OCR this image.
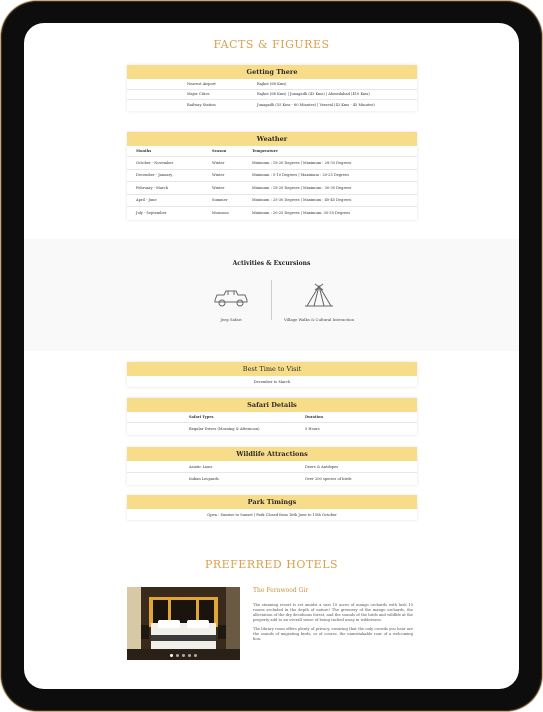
FACTS & FIGURES
Getting There
Nearest Airport	Rajkot (68 Kms)
Major Cities	Rajkot (68 Kms) | Junagadh (43 Kms) | Ahmedabad (410 Kms)
Railway Station	Junagadh (55 Kms - 60 Minutes) | Veraval (42 Kms - 45 Minutes)
Weather
Months	Season	Temperature
October - November	Winter	Minimum : 18-20 Degrees | Maximum : 28-33 Degrees
December - January	Winter	Minimum : 5-10 Degrees | Maximum : 20-25 Degrees
February - March	Winter	Minimum : 18-20 Degrees | Maximum : 30-35 Degrees
April - June	Summer	Minimum : 25-30 Degrees | Maximum : 40-45 Degrees
July - September	Monsoon	Minimum : 20-25 Degrees | Maximum: 30-35 Degrees
Activities & Excursions
Jeep Safari	Village Walks & Cultural Interaction
Best Time to Visit
December to March
Safari Details
Safari Types	Duration
Regular Drives (Morning & Afternoon)	3 Hours
Wildlife Attractions
Asiatic Lions	Deers & Antilopes
Indian Leopards	Over 200 species of birds
Park Timings
Open : Sunrise to Sunset | Park Closed from 16th June to 15th October
PREFERRED HOTELS
The Fernwood Gir

The stunning resort is set amidst a vast 10 acres of mango orchards with lush 10 rooms secluded in the depth of nature! The greenery of the mango orchards, the alleviation of the dry deciduous forest, and the sounds of the birds and wildlife at the property add to an overall sense of being tucked away in wilderness.

The library room offers plenty of privacy, ensuring that the only crowds you hear are the sounds of migrating birds, or of course, the unmistakable roar of a welcoming lion.
